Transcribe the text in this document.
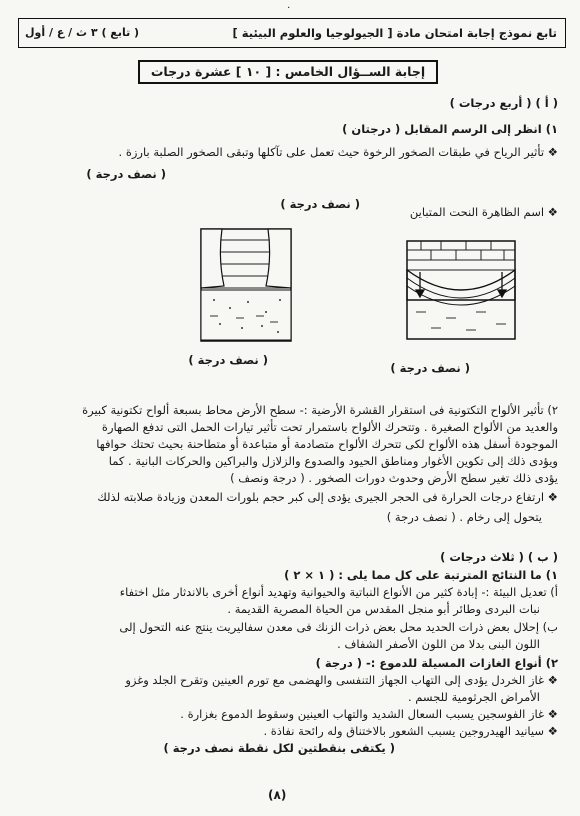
٠
تابع نموذج إجابة امتحان مادة [ الجيولوجيا والعلوم البيئية ]
( تابع ) ٣ ث / ع / أول
إجابة الســؤال الخامس : [ ١٠ ] عشرة درجات
( أ ) ( أربع درجات )
١) انظر إلى الرسم المقابل ( درجتان )
❖ تأثير الرياح في طبقات الصخور الرخوة حيث تعمل على تآكلها وتبقى الصخور الصلبة بارزة .
( نصف درجة )
( نصف درجة )
❖ اسم الظاهرة النحت المتباين
( نصف درجة )
( نصف درجة )
٢) تأثير الألواح التكتونية فى استقرار القشرة الأرضية :- سطح الأرض محاط بسبعة ألواح تكتونية كبيرة
والعديد من الألواح الصغيرة . وتتحرك الألواح باستمرار تحت تأثير تيارات الحمل التى تدفع الصهارة
الموجودة أسفل هذه الألواح لكى تتحرك الألواح متصادمة أو متباعدة أو متطاحنة بحيث تحتك حوافها
ويؤدى ذلك إلى تكوين الأغوار ومناطق الحيود والصدوع والزلازل والبراكين والحركات البانية . كما
يؤدى ذلك تغير سطح الأرض وحدوث دورات الصخور . ( درجة ونصف )
❖ ارتفاع درجات الحرارة فى الحجر الجيرى يؤدى إلى كبر حجم بلورات المعدن وزيادة صلابته لذلك
يتحول إلى رخام . ( نصف درجة )
( ب ) ( ثلاث درجات )
١) ما النتائج المترتبة على كل مما يلى : ( ١ × ٢ )
أ) تعديل البيئة :- إبادة كثير من الأنواع النباتية والحيوانية وتهديد أنواع أخرى بالاندثار مثل اختفاء
نبات البردى وطائر أبو منجل المقدس من الحياة المصرية القديمة .
ب) إحلال بعض ذرات الحديد محل بعض ذرات الزنك فى معدن سفاليريت ينتج عنه التحول إلى
اللون البنى بدلا من اللون الأصفر الشفاف .
٢) أنواع الغازات المسيلة للدموع :- ( درجة )
❖ غاز الخردل يؤدى إلى التهاب الجهاز التنفسى والهضمى مع تورم العينين وتقرح الجلد وغزو
الأمراض الجرثومية للجسم .
❖ غاز الفوسجين يسبب السعال الشديد والتهاب العينين وسقوط الدموع بغزارة .
❖ سيانيد الهيدروجين يسبب الشعور بالاختناق وله رائحة نفاذة .
( يكتفى بنقطتين لكل نقطة نصف درجة )
(٨)
